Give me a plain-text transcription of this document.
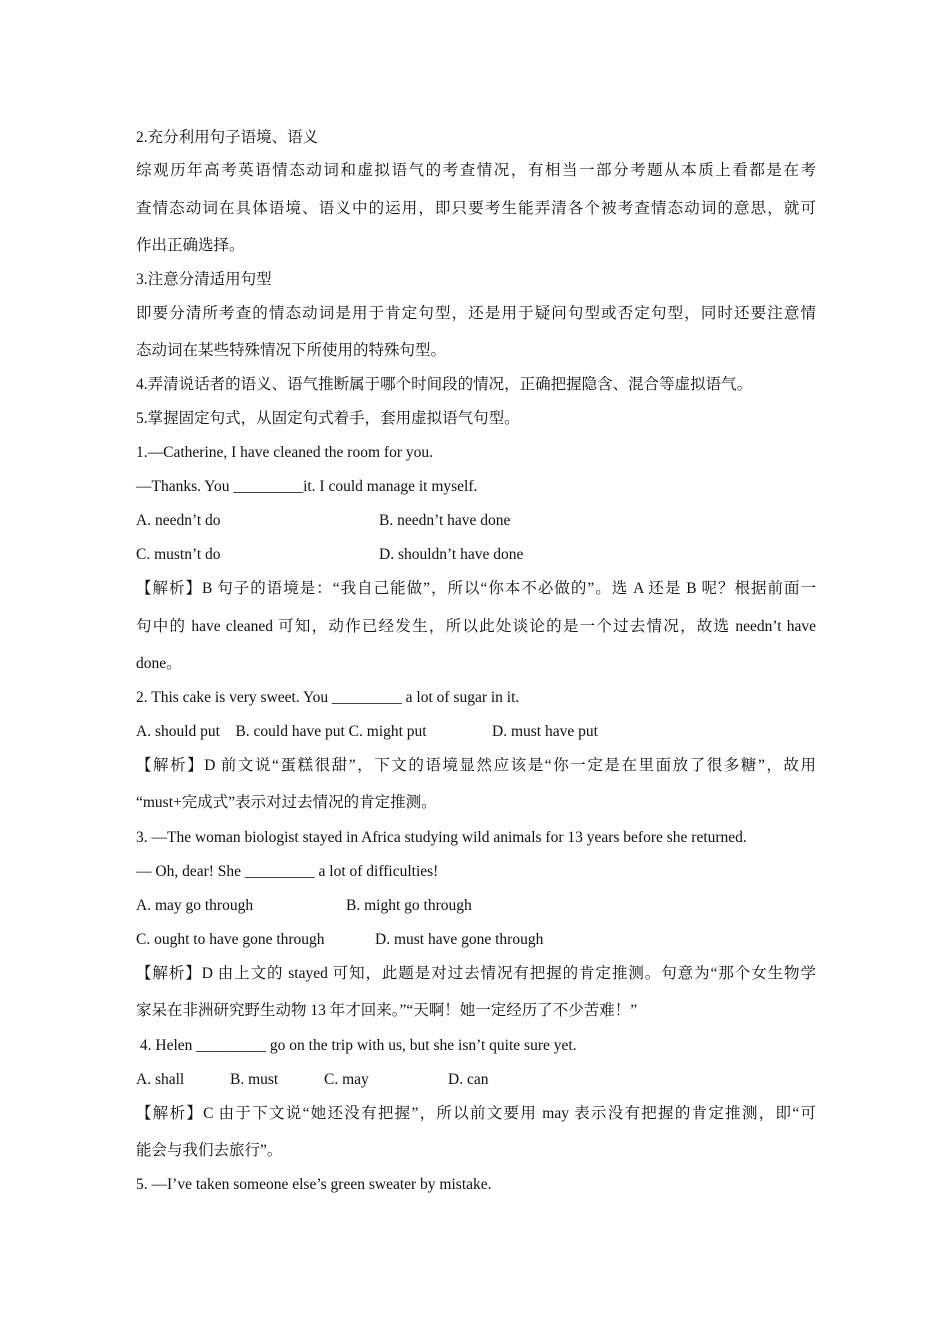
2.充分利用句子语境、语义
综观历年高考英语情态动词和虚拟语气的考查情况，有相当一部分考题从本质上看都是在考
查情态动词在具体语境、语义中的运用，即只要考生能弄清各个被考查情态动词的意思，就可
作出正确选择。
3.注意分清适用句型
即要分清所考查的情态动词是用于肯定句型，还是用于疑问句型或否定句型，同时还要注意情
态动词在某些特殊情况下所使用的特殊句型。
4.弄清说话者的语义、语气推断属于哪个时间段的情况，正确把握隐含、混合等虚拟语气。
5.掌握固定句式，从固定句式着手，套用虚拟语气句型。
1.—Catherine, I have cleaned the room for you.
—Thanks. You _________it. I could manage it myself.
A. needn’t do	B. needn’t have done
C. mustn’t do	D. shouldn’t have done
【解析】B 句子的语境是：“我自己能做”，所以“你本不必做的”。选 A 还是 B 呢？根据前面一
句中的 have cleaned 可知，动作已经发生，所以此处谈论的是一个过去情况，故选 needn’t have
done。
2. This cake is very sweet. You _________ a lot of sugar in it.
A. should put    B. could have put C. might put	D. must have put
【解析】D 前文说“蛋糕很甜”，下文的语境显然应该是“你一定是在里面放了很多糖”，故用
“must+完成式”表示对过去情况的肯定推测。
3. —The woman biologist stayed in Africa studying wild animals for 13 years before she returned.
— Oh, dear! She _________ a lot of difficulties!
A. may go through	B. might go through
C. ought to have gone through	D. must have gone through
【解析】D 由上文的 stayed 可知，此题是对过去情况有把握的肯定推测。句意为“那个女生物学
家呆在非洲研究野生动物 13 年才回来。”“天啊！她一定经历了不少苦难！”
4. Helen _________ go on the trip with us, but she isn’t quite sure yet.
A. shall	B. must	C. may	D. can
【解析】C 由于下文说“她还没有把握”，所以前文要用 may 表示没有把握的肯定推测，即“可
能会与我们去旅行”。
5. —I’ve taken someone else’s green sweater by mistake.
